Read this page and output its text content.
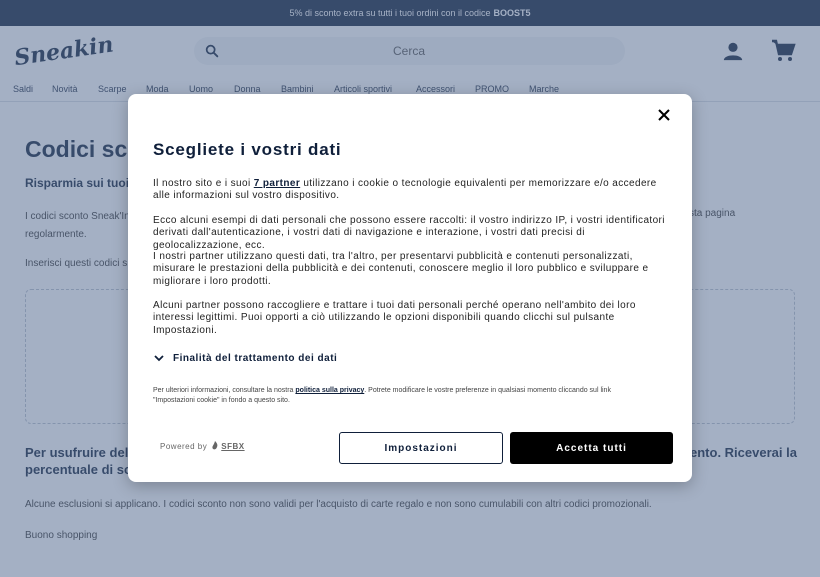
Cerca
Scegliete i vostri dati
Il nostro sito e i suoi 7 partner utilizzano i cookie o tecnologie equivalenti per memorizzare e/o accedere alle informazioni sul vostro dispositivo.
Ecco alcuni esempi di dati personali che possono essere raccolti: il vostro indirizzo IP, i vostri identificatori derivati dall'autenticazione, i vostri dati di navigazione e interazione, i vostri dati precisi di geolocalizzazione, ecc.
I nostri partner utilizzano questi dati, tra l'altro, per presentarvi pubblicità e contenuti personalizzati, misurare le prestazioni della pubblicità e dei contenuti, conoscere meglio il loro pubblico e sviluppare e migliorare i loro prodotti.
Alcuni partner possono raccogliere e trattare i tuoi dati personali perché operano nell'ambito dei loro interessi legittimi. Puoi opporti a ciò utilizzando le opzioni disponibili quando clicchi sul pulsante Impostazioni.
Finalità del trattamento dei dati
Per ulteriori informazioni, consultare la nostra politica sulla privacy. Potrete modificare le vostre preferenze in qualsiasi momento cliccando sul link "Impostazioni cookie" in fondo a questo sito.
Powered by SFBX	Impostazioni	Accetta tutti
